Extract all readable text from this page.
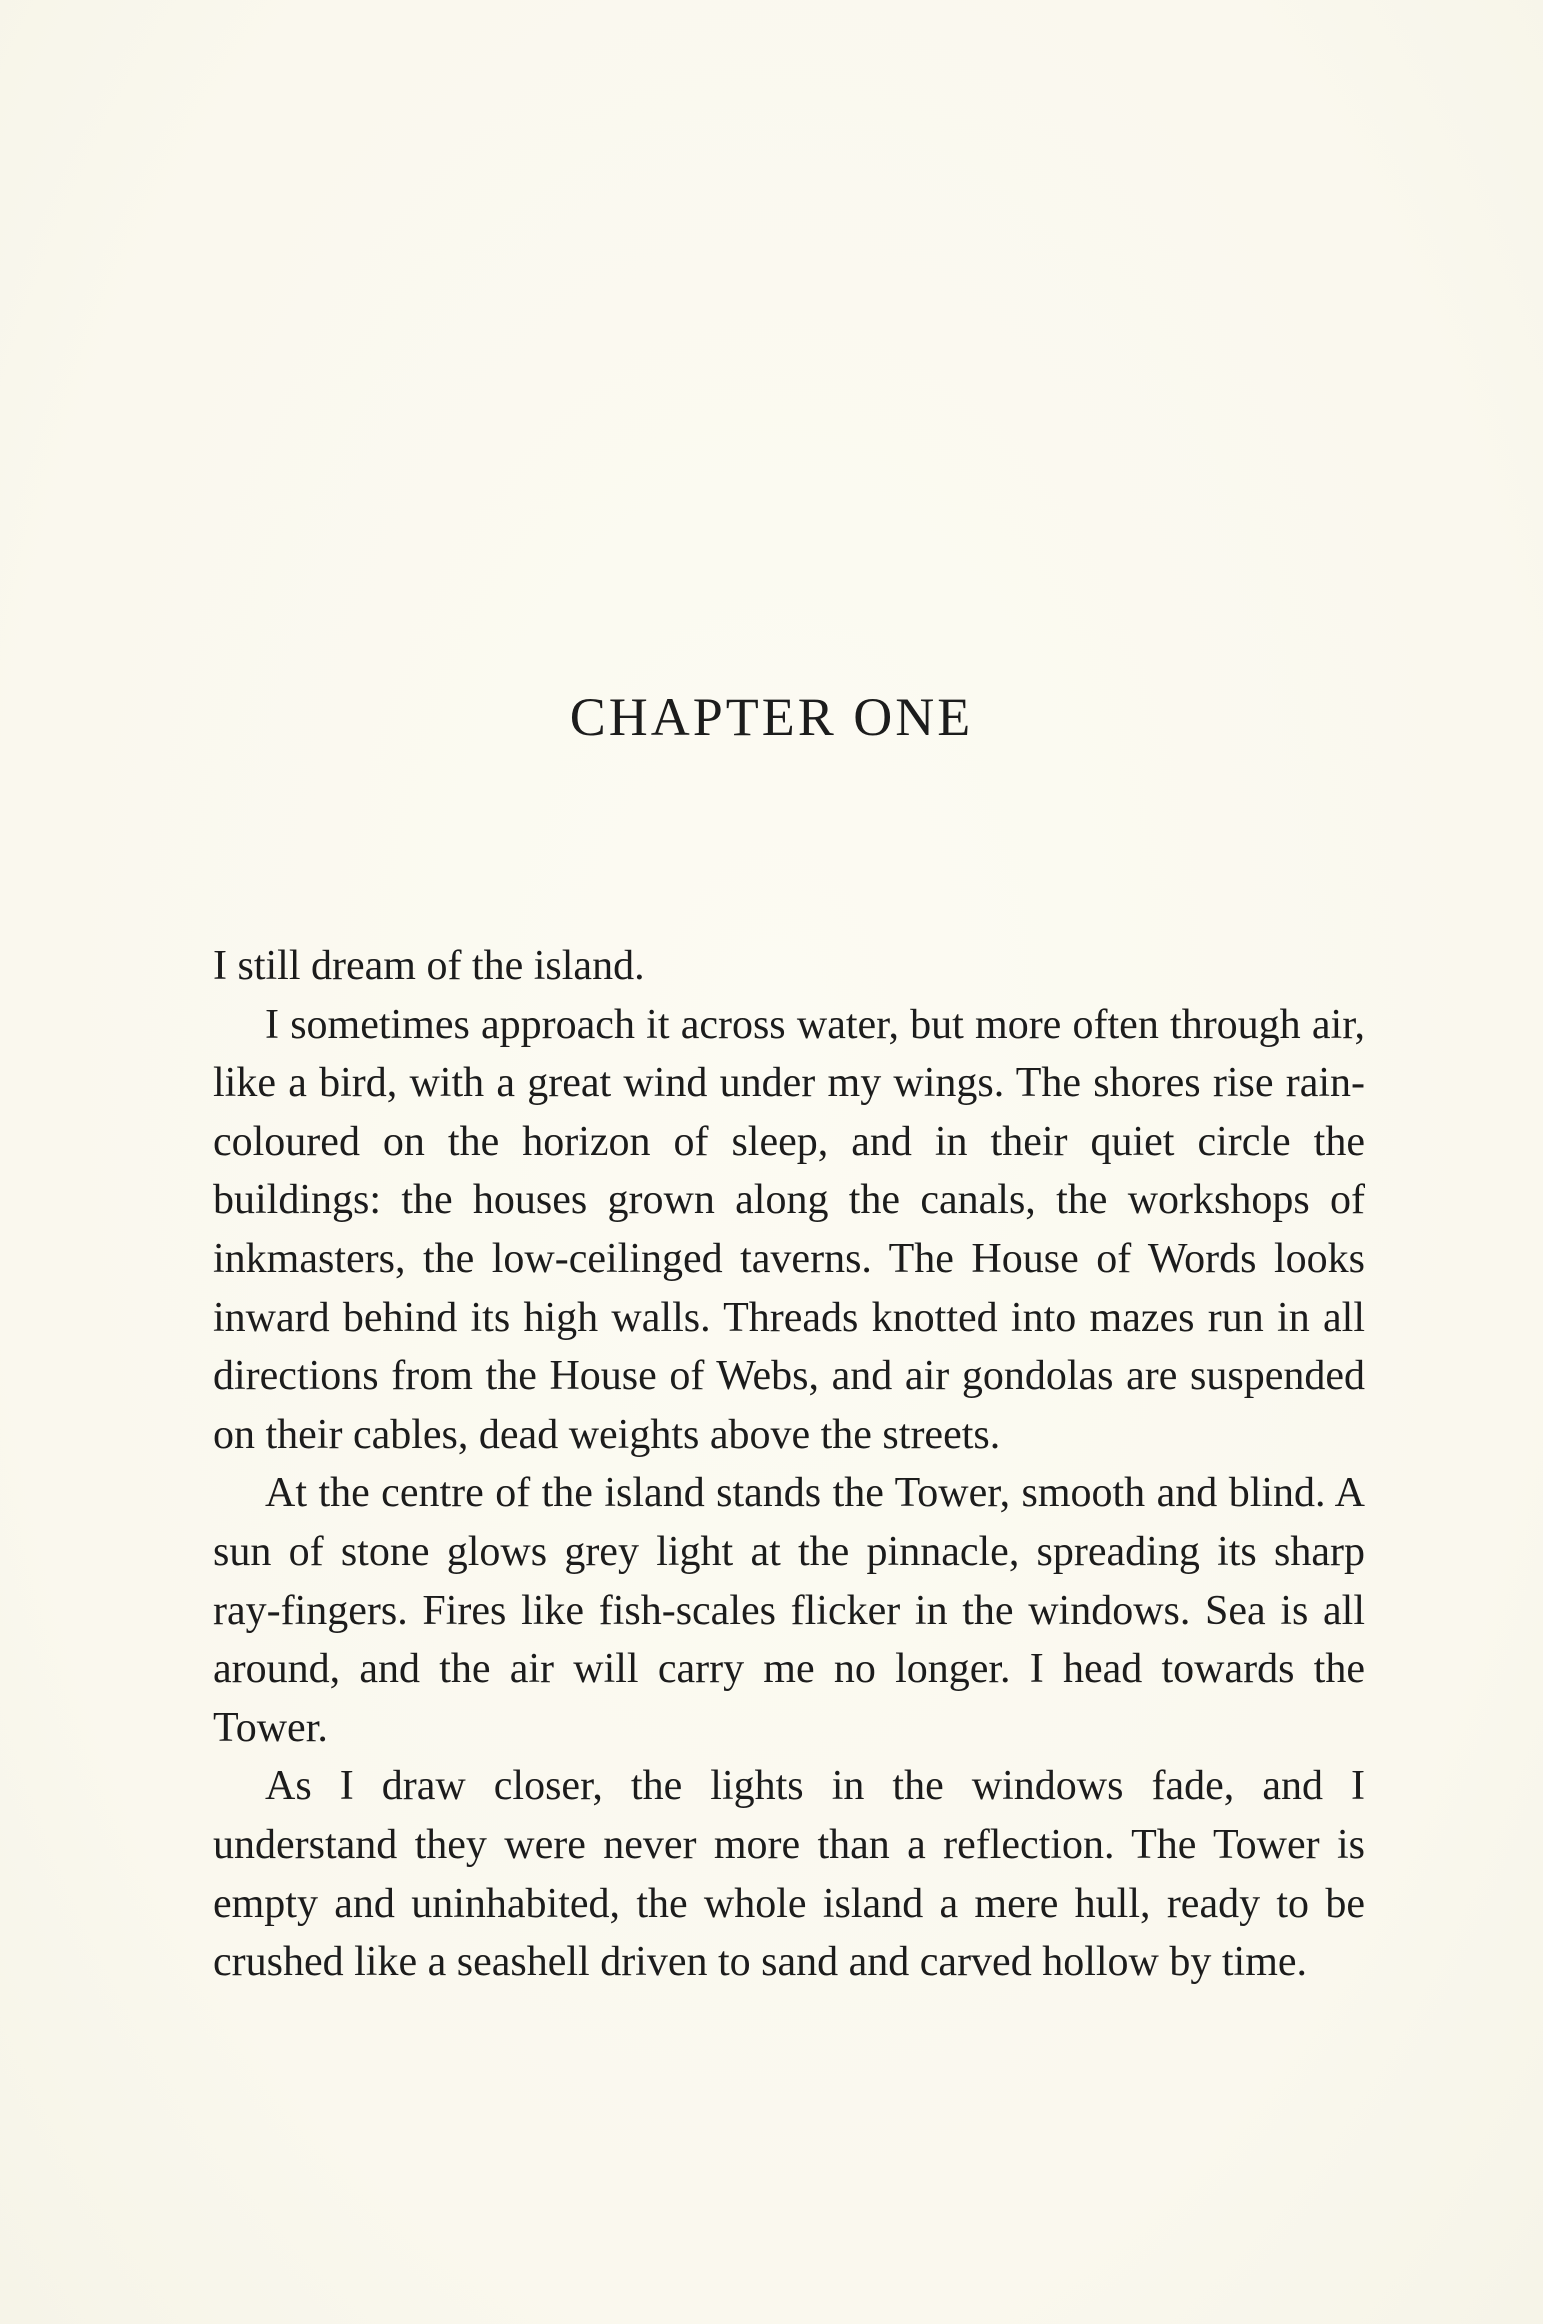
CHAPTER ONE

I still dream of the island.

I sometimes approach it across water, but more often through air, like a bird, with a great wind under my wings. The shores rise rain-coloured on the horizon of sleep, and in their quiet circle the buildings: the houses grown along the canals, the workshops of inkmasters, the low-ceilinged taverns. The House of Words looks inward behind its high walls. Threads knotted into mazes run in all directions from the House of Webs, and air gondolas are suspended on their cables, dead weights above the streets.

At the centre of the island stands the Tower, smooth and blind. A sun of stone glows grey light at the pinnacle, spreading its sharp ray-fingers. Fires like fish-scales flicker in the windows. Sea is all around, and the air will carry me no longer. I head towards the Tower.

As I draw closer, the lights in the windows fade, and I understand they were never more than a reflection. The Tower is empty and uninhabited, the whole island a mere hull, ready to be crushed like a seashell driven to sand and carved hollow by time.
